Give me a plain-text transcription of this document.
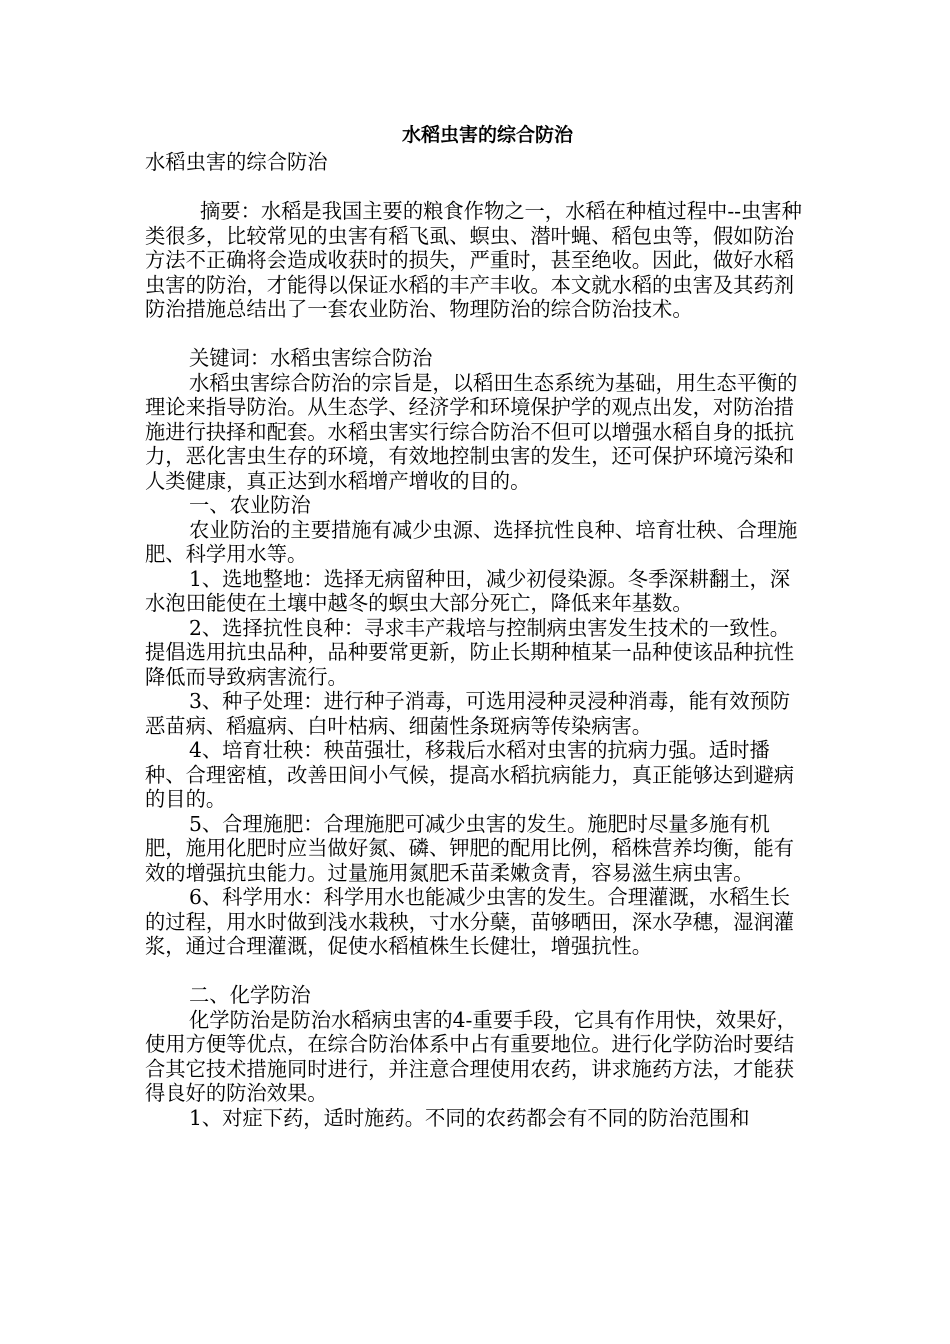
水稻虫害的综合防治

水稻虫害的综合防治

摘要：水稻是我国主要的粮食作物之一，水稻在种植过程中--虫害种类很多，比较常见的虫害有稻飞虱、螟虫、潜叶蝇、稻包虫等，假如防治方法不正确将会造成收获时的损失，严重时，甚至绝收。因此，做好水稻虫害的防治，才能得以保证水稻的丰产丰收。本文就水稻的虫害及其药剂防治措施总结出了一套农业防治、物理防治的综合防治技术。

关键词：水稻虫害综合防治

水稻虫害综合防治的宗旨是，以稻田生态系统为基础，用生态平衡的理论来指导防治。从生态学、经济学和环境保护学的观点出发，对防治措施进行抉择和配套。水稻虫害实行综合防治不但可以增强水稻自身的抵抗力，恶化害虫生存的环境，有效地控制虫害的发生，还可保护环境污染和人类健康，真正达到水稻增产增收的目的。

一、农业防治

农业防治的主要措施有减少虫源、选择抗性良种、培育壮秧、合理施肥、科学用水等。

1、选地整地：选择无病留种田，减少初侵染源。冬季深耕翻土，深水泡田能使在土壤中越冬的螟虫大部分死亡，降低来年基数。

2、选择抗性良种：寻求丰产栽培与控制病虫害发生技术的一致性。提倡选用抗虫品种，品种要常更新，防止长期种植某一品种使该品种抗性降低而导致病害流行。

3、种子处理：进行种子消毒，可选用浸种灵浸种消毒，能有效预防恶苗病、稻瘟病、白叶枯病、细菌性条斑病等传染病害。

4、培育壮秧：秧苗强壮，移栽后水稻对虫害的抗病力强。适时播种、合理密植，改善田间小气候，提高水稻抗病能力，真正能够达到避病的目的。

5、合理施肥：合理施肥可减少虫害的发生。施肥时尽量多施有机肥，施用化肥时应当做好氮、磷、钾肥的配用比例，稻株营养均衡，能有效的增强抗虫能力。过量施用氮肥禾苗柔嫩贪青，容易滋生病虫害。

6、科学用水：科学用水也能减少虫害的发生。合理灌溉，水稻生长的过程，用水时做到浅水栽秧，寸水分蘖，苗够晒田，深水孕穗，湿润灌浆，通过合理灌溉，促使水稻植株生长健壮，增强抗性。

二、化学防治

化学防治是防治水稻病虫害的4-重要手段，它具有作用快，效果好，使用方便等优点，在综合防治体系中占有重要地位。进行化学防治时要结合其它技术措施同时进行，并注意合理使用农药，讲求施药方法，才能获得良好的防治效果。

1、对症下药，适时施药。不同的农药都会有不同的防治范围和
